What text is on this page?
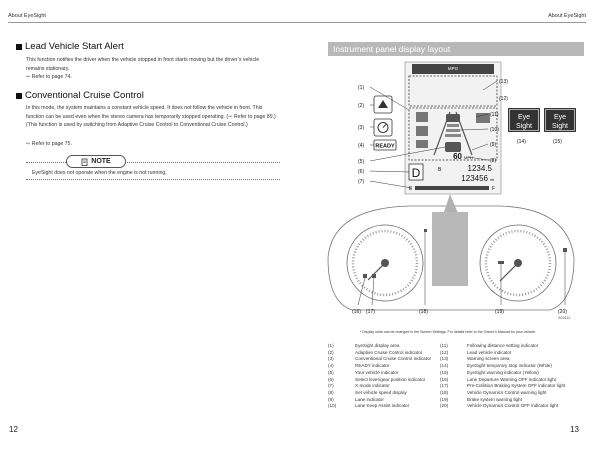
About EyeSight
Lead Vehicle Start Alert
This function notifies the driver when the vehicle stopped in front starts moving but the driver’s vehicle remains stationary.
⇨ Refer to page 74.
Conventional Cruise Control
In this mode, the system maintains a constant vehicle speed. It does not follow the vehicle in front. This function can be used even when the stereo camera has temporarily stopped operating. (⇨ Refer to page 89.) (This function is used by switching from Adaptive Cruise Control to Conventional Cruise Control.)
⇨ Refer to page 75.
NOTE
EyeSight does not operate when the engine is not running.
12
About EyeSight
Instrument panel display layout
MPG
60 MPH
D	B	1234.5
123456 mi
E	F
READY
Eye
Sight
Eye
Sight
(1)
(2)
(3)
(4)
(5)
(6)
(7)
(8)
(9)
(10)
(11)
(12)
(13)
(14)	(15)
(16) (17)	(18)	(19)	(20)
S02612
* Display units can be changed in the Screen Settings. For details refer to the Owner’s Manual for your vehicle.
(1)	EyeSight display area
(2)	Adaptive Cruise Control indicator
(3)	Conventional Cruise Control indicator
(4)	READY indicator
(5)	Your vehicle indicator
(6)	Select lever/gear position indicator
(7)	X-mode indicator
(8)	Set vehicle speed display
(9)	Lane indicator
(10)	Lane Keep Assist indicator
(11)	Following distance setting indicator
(12)	Lead vehicle indicator
(13)	Warning screen area
(14)	EyeSight temporary stop indicator (White)
(15)	EyeSight warning indicator (Yellow)
(16)	Lane Departure Warning OFF indicator light
(17)	Pre-Collision Braking System OFF indicator light
(18)	Vehicle Dynamics Control warning light
(19)	Brake system warning light
(20)	Vehicle Dynamics Control OFF indicator light
13
